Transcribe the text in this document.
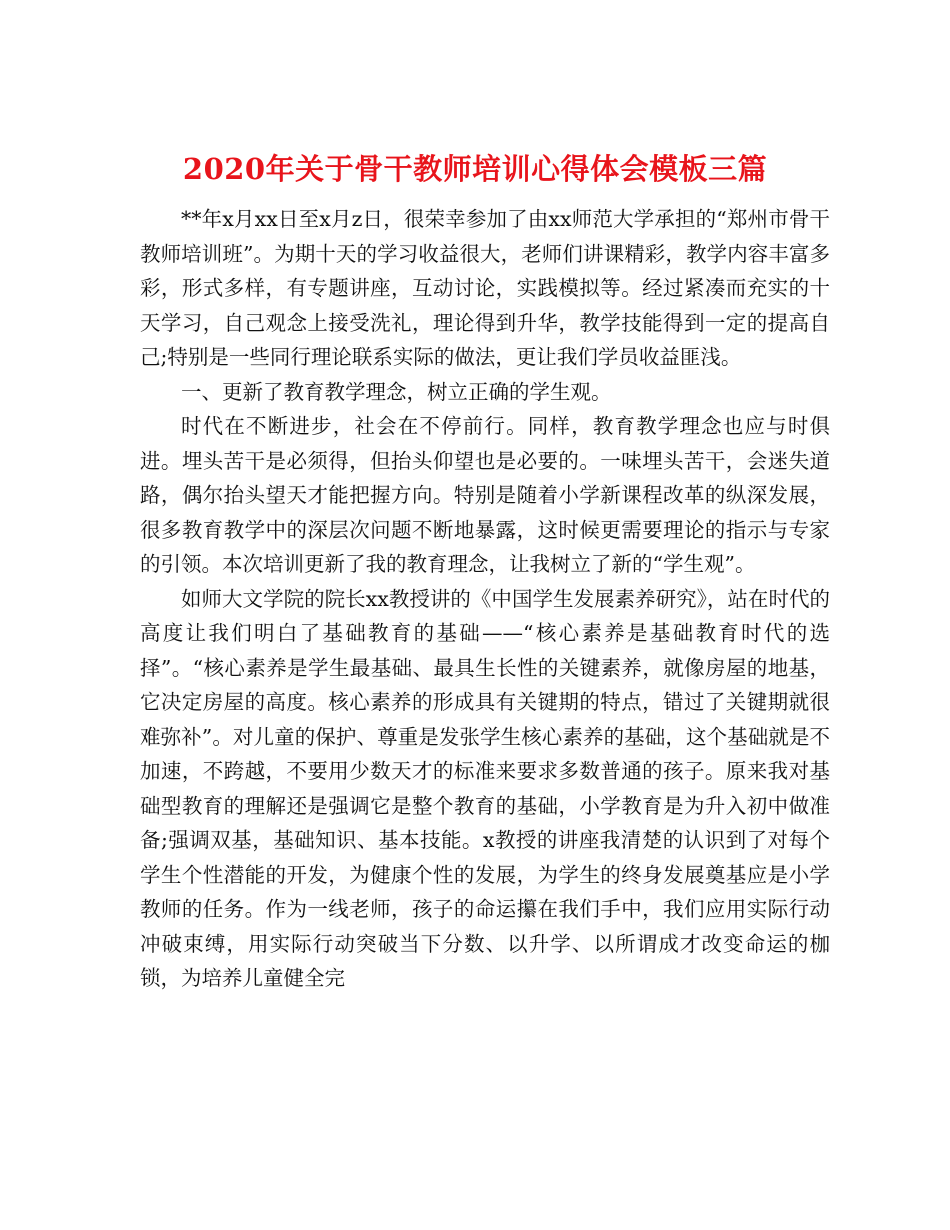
2020年关于骨干教师培训心得体会模板三篇

**年x月xx日至x月z日，很荣幸参加了由xx师范大学承担的“郑州市骨干教师培训班”。为期十天的学习收益很大，老师们讲课精彩，教学内容丰富多彩，形式多样，有专题讲座，互动讨论，实践模拟等。经过紧凑而充实的十天学习，自己观念上接受洗礼，理论得到升华，教学技能得到一定的提高自己;特别是一些同行理论联系实际的做法，更让我们学员收益匪浅。

一、更新了教育教学理念，树立正确的学生观。

时代在不断进步，社会在不停前行。同样，教育教学理念也应与时俱进。埋头苦干是必须得，但抬头仰望也是必要的。一味埋头苦干，会迷失道路，偶尔抬头望天才能把握方向。特别是随着小学新课程改革的纵深发展，很多教育教学中的深层次问题不断地暴露，这时候更需要理论的指示与专家的引领。本次培训更新了我的教育理念，让我树立了新的“学生观”。

如师大文学院的院长xx教授讲的《中国学生发展素养研究》，站在时代的高度让我们明白了基础教育的基础——“核心素养是基础教育时代的选择”。“核心素养是学生最基础、最具生长性的关键素养，就像房屋的地基，它决定房屋的高度。核心素养的形成具有关键期的特点，错过了关键期就很难弥补”。对儿童的保护、尊重是发张学生核心素养的基础，这个基础就是不加速，不跨越，不要用少数天才的标准来要求多数普通的孩子。原来我对基础型教育的理解还是强调它是整个教育的基础，小学教育是为升入初中做准备;强调双基，基础知识、基本技能。x教授的讲座我清楚的认识到了对每个学生个性潜能的开发，为健康个性的发展，为学生的终身发展奠基应是小学教师的任务。作为一线老师，孩子的命运攥在我们手中，我们应用实际行动冲破束缚，用实际行动突破当下分数、以升学、以所谓成才改变命运的枷锁，为培养儿童健全完
